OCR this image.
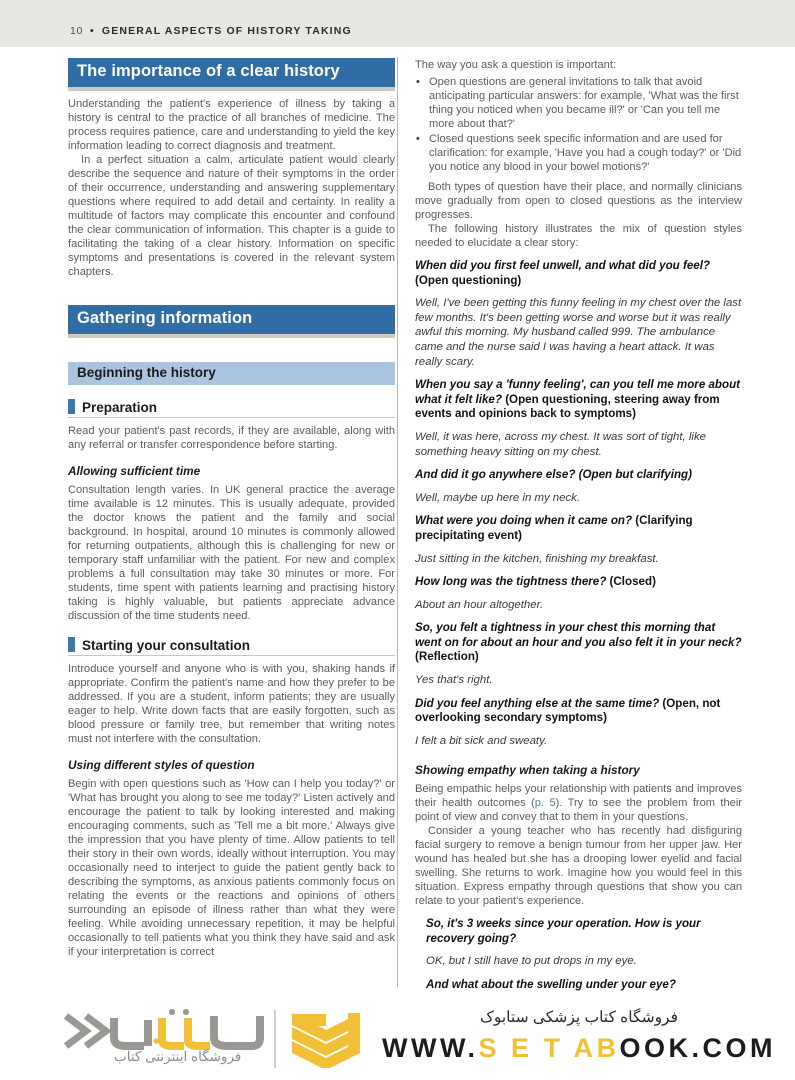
10 • GENERAL ASPECTS OF HISTORY TAKING
The importance of a clear history

Understanding the patient's experience of illness by taking a history is central to the practice of all branches of medicine. The process requires patience, care and understanding to yield the key information leading to correct diagnosis and treatment.

In a perfect situation a calm, articulate patient would clearly describe the sequence and nature of their symptoms in the order of their occurrence, understanding and answering supplementary questions where required to add detail and certainty. In reality a multitude of factors may complicate this encounter and confound the clear communication of information. This chapter is a guide to facilitating the taking of a clear history. Information on specific symptoms and presentations is covered in the relevant system chapters.

Gathering information
Beginning the history
Preparation

Read your patient's past records, if they are available, along with any referral or transfer correspondence before starting.

Allowing sufficient time

Consultation length varies. In UK general practice the average time available is 12 minutes. This is usually adequate, provided the doctor knows the patient and the family and social background. In hospital, around 10 minutes is commonly allowed for returning outpatients, although this is challenging for new or temporary staff unfamiliar with the patient. For new and complex problems a full consultation may take 30 minutes or more. For students, time spent with patients learning and practising history taking is highly valuable, but patients appreciate advance discussion of the time students need.

Starting your consultation

Introduce yourself and anyone who is with you, shaking hands if appropriate. Confirm the patient's name and how they prefer to be addressed. If you are a student, inform patients; they are usually eager to help. Write down facts that are easily forgotten, such as blood pressure or family tree, but remember that writing notes must not interfere with the consultation.

Using different styles of question

Begin with open questions such as 'How can I help you today?' or 'What has brought you along to see me today?' Listen actively and encourage the patient to talk by looking interested and making encouraging comments, such as 'Tell me a bit more.' Always give the impression that you have plenty of time. Allow patients to tell their story in their own words, ideally without interruption. You may occasionally need to interject to guide the patient gently back to describing the symptoms, as anxious patients commonly focus on relating the events or the reactions and opinions of others surrounding an episode of illness rather than what they were feeling. While avoiding unnecessary repetition, it may be helpful occasionally to tell patients what you think they have said and ask if your interpretation is correct

The way you ask a question is important:

• Open questions are general invitations to talk that avoid anticipating particular answers: for example, 'What was the first thing you noticed when you became ill?' or 'Can you tell me more about that?'
• Closed questions seek specific information and are used for clarification: for example, 'Have you had a cough today?' or 'Did you notice any blood in your bowel motions?'

Both types of question have their place, and normally clinicians move gradually from open to closed questions as the interview progresses.

The following history illustrates the mix of question styles needed to elucidate a clear story:

When did you first feel unwell, and what did you feel? (Open questioning)
Well, I've been getting this funny feeling in my chest over the last few months. It's been getting worse and worse but it was really awful this morning. My husband called 999. The ambulance came and the nurse said I was having a heart attack. It was really scary.
When you say a 'funny feeling', can you tell me more about what it felt like? (Open questioning, steering away from events and opinions back to symptoms)
Well, it was here, across my chest. It was sort of tight, like something heavy sitting on my chest.
And did it go anywhere else? (Open but clarifying)
Well, maybe up here in my neck.
What were you doing when it came on? (Clarifying precipitating event)
Just sitting in the kitchen, finishing my breakfast.
How long was the tightness there? (Closed)
About an hour altogether.
So, you felt a tightness in your chest this morning that went on for about an hour and you also felt it in your neck? (Reflection)
Yes that's right.
Did you feel anything else at the same time? (Open, not overlooking secondary symptoms)
I felt a bit sick and sweaty.
Showing empathy when taking a history

Being empathic helps your relationship with patients and improves their health outcomes (p. 5). Try to see the problem from their point of view and convey that to them in your questions.

Consider a young teacher who has recently had disfiguring facial surgery to remove a benign tumour from her upper jaw. Her wound has healed but she has a drooping lower eyelid and facial swelling. She returns to work. Imagine how you would feel in this situation. Express empathy through questions that show you can relate to your patient's experience.

So, it's 3 weeks since your operation. How is your recovery going?
OK, but I still have to put drops in my eye.
And what about the swelling under your eye?
فروشگاه اینترنتی کتاب
فروشگاه کتاب پزشکی ستابوک
WWW.S E T ABOOK.COM
